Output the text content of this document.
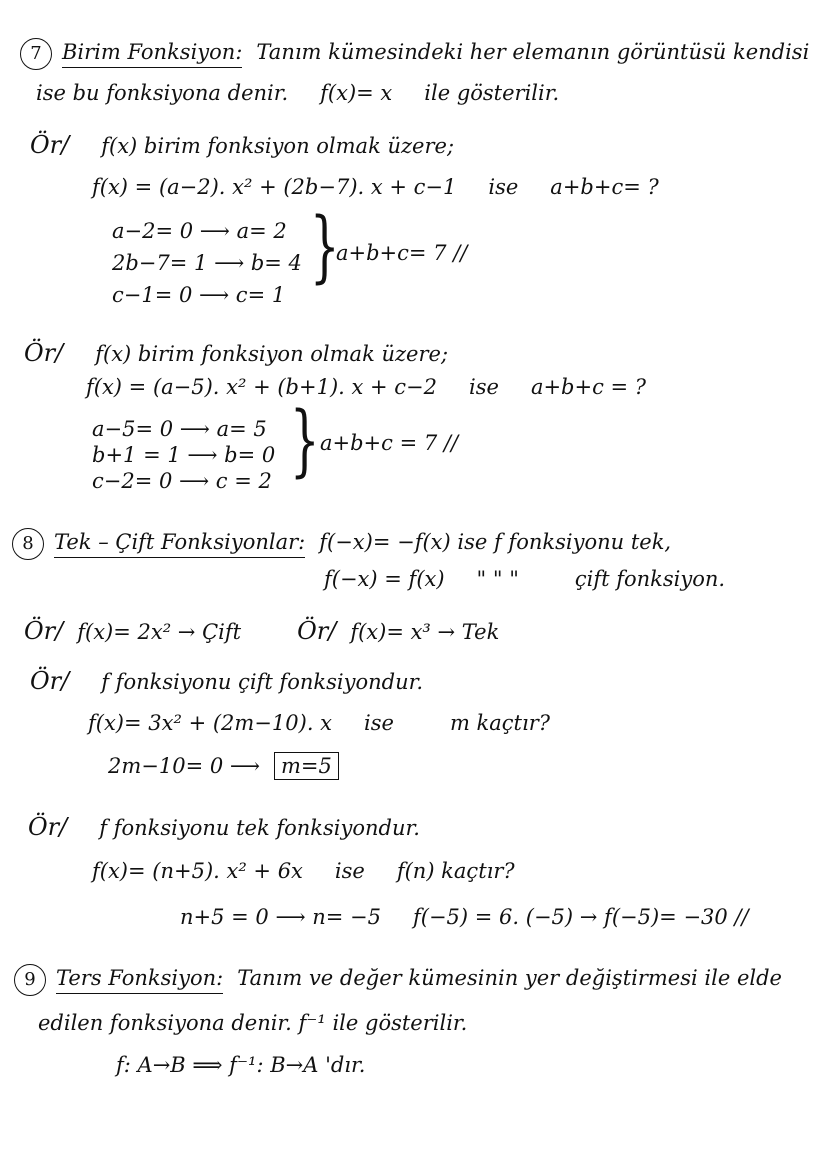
7 Birim Fonksiyon: Tanım kümesindeki her elemanın görüntüsü kendisi
ise bu fonksiyona denir. f(x)= x ile gösterilir.
Ör/ f(x) birim fonksiyon olmak üzere;
f(x) = (a−2). x² + (2b−7). x + c−1 ise a+b+c= ?
a−2= 0 ⟶ a= 2
2b−7= 1 ⟶ b= 4
c−1= 0 ⟶ c= 1
}
a+b+c= 7 //
Ör/ f(x) birim fonksiyon olmak üzere;
f(x) = (a−5). x² + (b+1). x + c−2 ise a+b+c = ?
a−5= 0 ⟶ a= 5
b+1 = 1 ⟶ b= 0
c−2= 0 ⟶ c = 2 } a+b+c = 7 //
8 Tek – Çift Fonksiyonlar: f(−x)= −f(x) ise f fonksiyonu tek,
f(−x) = f(x) " " "	çift fonksiyon.
Ör/ f(x)= 2x² → Çift Ör/ f(x)= x³ → Tek
Ör/ f fonksiyonu çift fonksiyondur.
f(x)= 3x² + (2m−10). x ise	m kaçtır?
2m−10= 0 ⟶	m=5
Ör/ f fonksiyonu tek fonksiyondur.
f(x)= (n+5). x² + 6x ise f(n) kaçtır?
n+5 = 0 ⟶ n= −5 f(−5) = 6. (−5) → f(−5)= −30 //
9 Ters Fonksiyon: Tanım ve değer kümesinin yer değiştirmesi ile elde
edilen fonksiyona denir. f⁻¹ ile gösterilir.
f: A→B ⟹ f⁻¹: B→A 'dır.
